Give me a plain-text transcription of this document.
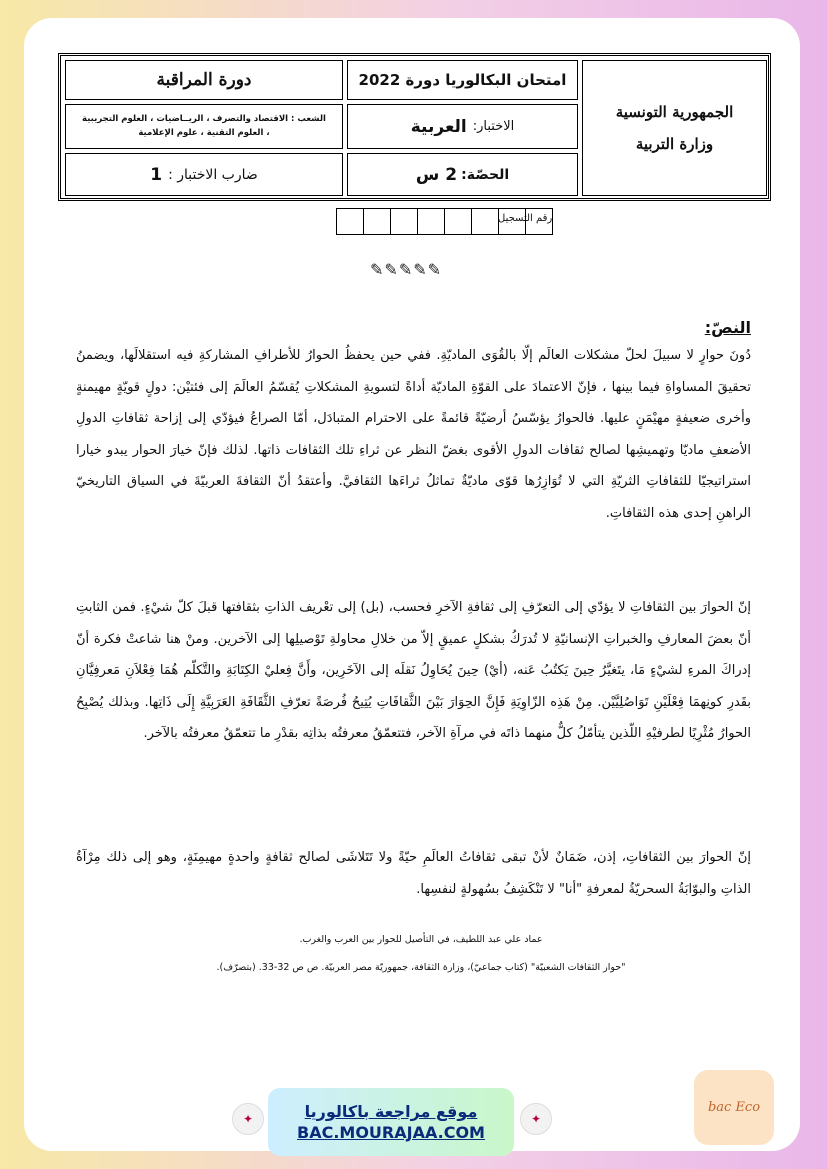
الجمهورية التونسية
وزارة التربية
امتحان البكالوريا دورة 2022
الاختبار:
العربية
الحصّة:
2 س
دورة المراقبة
الشعب : الاقتصاد والتصرف ، الريــاضيات ، العلوم التجريبية
، العلوم التقنية ، علوم الإعلامية
ضارب الاختبار :
1
رقم التسجيل
✎✎✎✎✎
النصّ:
دُونَ حوارٍ لا سبيلَ لحلّ مشكلات العالَم إلّا بالقُوَى الماديّةِ. ففي حين يحفظُ الحوارُ للأطرافِ المشاركةِ فيه استقلالَها، ويضمنُ تحقيقَ المساواةِ فيما بينها ، فإنّ الاعتمادَ على القوّةِ الماديّة أداةً لتسويةِ المشكلاتِ يُقسّمُ العالَمَ إلى فئتيْن: دولٍ قويّةٍ مهيمنةٍ وأخرى ضعيفةٍ مهيْمَنٍ عليها. فالحوارُ يؤسّسُ أرضيّةً قائمةً على الاحترام المتبادَل، أمّا الصراعُ فيؤدّي إلى إزاحة ثقافاتِ الدولِ الأضعفِ ماديّا وتهميشِها لصالح ثقافات الدولِ الأقوى بغضّ النظر عن ثراءِ تلك الثقافات ذاتها. لذلك فإنّ خيارَ الحوار يبدو خيارا استراتيجيّا للثقافاتِ الثريّةِ التي لا تُوَازِرُها قوّى ماديّةٌ تماثلُ ثراءَها الثقافيَّ. وأعتقدُ أنّ الثقافةَ العربيّةَ في السياق التاريخيّ الراهنِ إحدى هذه الثقافاتِ.
إنّ الحوارَ بين الثقافاتِ لا يؤدّي إلى التعرّفِ إلى ثقافةِ الآخرِ فحسب، (بل) إلى تعْريف الذاتِ بثقافتها قبلَ كلّ شيْءٍ. فمن الثابتِ أنّ بعضَ المعارفِ والخبراتِ الإنسانيّةِ لا تُدرَكُ بشكلٍ عميقٍ إلاّ من خلالِ محاولةِ تَوْصيلِها إلى الآخرين. ومنْ هنا شاعتْ فكرة أنّ إدراكَ المرءِ لشيْءٍ مَا، يتَغيَّرُ حِينَ يَكتُبُ عَنه، (أيْ) حِينَ يُحَاوِلُ نَقلَه إلى الآخَرِين، وأَنَّ فِعليْ الكِتَابَةِ والتَّكلّم هُمَا فِعْلاَنِ مَعرفِيَّانِ بقَدرِ كونِهمَا فِعْلَيْنِ تَوَاصُلِيَّيْن. مِنْ هَذِه الزّاوِيَةِ فَإِنَّ الحِوَارَ بَيْنَ الثَّقافَاتِ يُتِيحُ فُرصَةً تعرّفِ الثَّقَافَةِ العَرَبِيَّةِ إِلَى ذَاتِها. وبذلك يُصْبِحُ الحوارُ مُثْرِيًا لطرفيْهِ اللّذين يتأمّلُ كلٌّ منهما ذاتَه في مرآةِ الآخر، فتتعمّقُ معرفتُه بذاتِه بقدْرِ ما تتعمّقُ معرفتُه بالآخر.
إنّ الحوارَ بين الثقافاتِ، إذن، ضَمَانٌ لأنْ تبقى ثقافاتُ العالَمِ حيّةً ولا تَتَلاشَى لصالح ثقافةٍ واحدةٍ مهيمِنَةٍ، وهو إلى ذلك مِرْآةُ الذاتِ والبوّابَةُ السحريّةُ لمعرفةِ "أنا" لا تَنْكَشِفُ بسُهولةٍ لنفسِها.
عماد علي عبد اللطيف، في التأصيل للحوار بين العرب والغرب.
"حوار الثقافات الشعبيّة" (كتاب جماعيّ)، وزارة الثقافة، جمهوريّة مصر العربيّة. ص ص 32-33. (بتصرّف).
✦	✦
موقع مراجعة باكالوريا
BAC.MOURAJAA.COM
bac Eco
